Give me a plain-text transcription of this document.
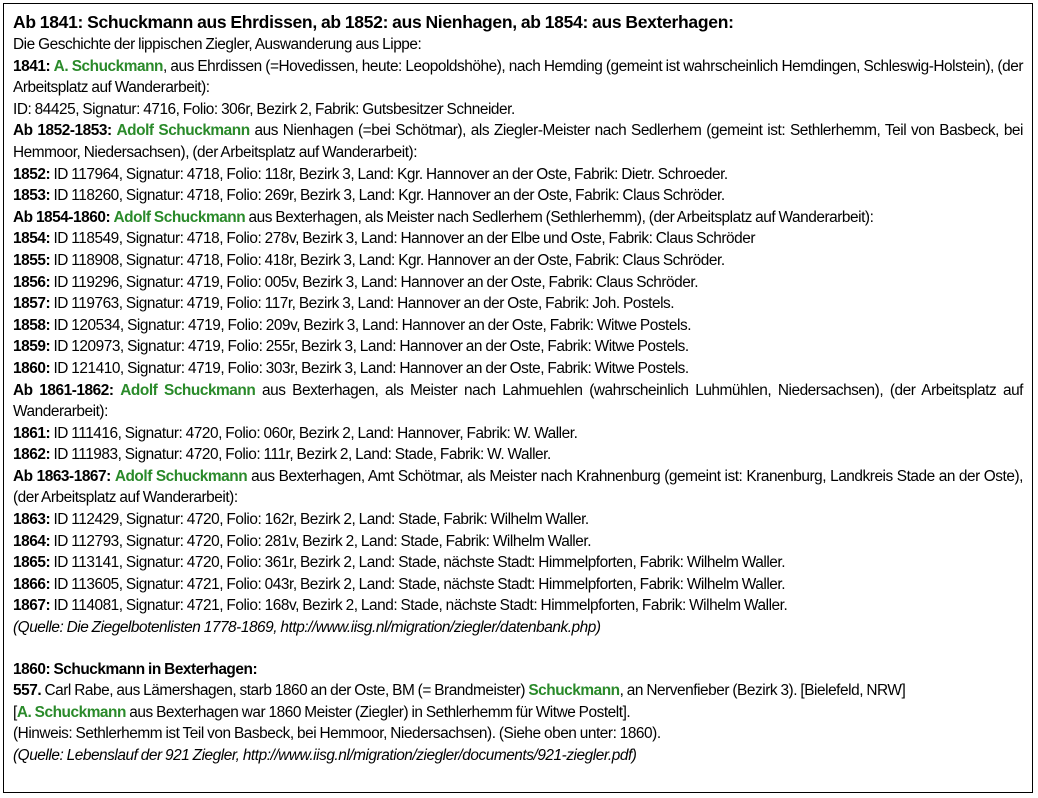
Ab 1841: Schuckmann aus Ehrdissen, ab 1852: aus Nienhagen, ab 1854: aus Bexterhagen:
Die Geschichte der lippischen Ziegler, Auswanderung aus Lippe:
1841: A. Schuckmann, aus Ehrdissen (=Hovedissen, heute: Leopoldshöhe), nach Hemding (gemeint ist wahrscheinlich Hemdingen, Schleswig-Holstein), (der Arbeitsplatz auf Wanderarbeit):
ID: 84425, Signatur: 4716, Folio: 306r, Bezirk 2, Fabrik: Gutsbesitzer Schneider.
Ab 1852-1853: Adolf Schuckmann aus Nienhagen (=bei Schötmar), als Ziegler-Meister nach Sedlerhem (gemeint ist: Sethlerhemm, Teil von Basbeck, bei Hemmoor, Niedersachsen), (der Arbeitsplatz auf Wanderarbeit):
1852: ID 117964, Signatur: 4718, Folio: 118r, Bezirk 3, Land: Kgr. Hannover an der Oste, Fabrik: Dietr. Schroeder.
1853: ID 118260, Signatur: 4718, Folio: 269r, Bezirk 3, Land: Kgr. Hannover an der Oste, Fabrik: Claus Schröder.
Ab 1854-1860: Adolf Schuckmann aus Bexterhagen, als Meister nach Sedlerhem (Sethlerhemm), (der Arbeitsplatz auf Wanderarbeit):
1854: ID 118549, Signatur: 4718, Folio: 278v, Bezirk 3, Land: Hannover an der Elbe und Oste, Fabrik: Claus Schröder
1855: ID 118908, Signatur: 4718, Folio: 418r, Bezirk 3, Land: Kgr. Hannover an der Oste, Fabrik: Claus Schröder.
1856: ID 119296, Signatur: 4719, Folio: 005v, Bezirk 3, Land: Hannover an der Oste, Fabrik: Claus Schröder.
1857: ID 119763, Signatur: 4719, Folio: 117r, Bezirk 3, Land: Hannover an der Oste, Fabrik: Joh. Postels.
1858: ID 120534, Signatur: 4719, Folio: 209v, Bezirk 3, Land: Hannover an der Oste, Fabrik: Witwe Postels.
1859: ID 120973, Signatur: 4719, Folio: 255r, Bezirk 3, Land: Hannover an der Oste, Fabrik: Witwe Postels.
1860: ID 121410, Signatur: 4719, Folio: 303r, Bezirk 3, Land: Hannover an der Oste, Fabrik: Witwe Postels.
Ab 1861-1862: Adolf Schuckmann aus Bexterhagen, als Meister nach Lahmuehlen (wahrscheinlich Luhmühlen, Niedersachsen), (der Arbeitsplatz auf Wanderarbeit):
1861: ID 111416, Signatur: 4720, Folio: 060r, Bezirk 2, Land: Hannover, Fabrik: W. Waller.
1862: ID 111983, Signatur: 4720, Folio: 111r, Bezirk 2, Land: Stade, Fabrik: W. Waller.
Ab 1863-1867: Adolf Schuckmann aus Bexterhagen, Amt Schötmar, als Meister nach Krahnenburg (gemeint ist: Kranenburg, Landkreis Stade an der Oste), (der Arbeitsplatz auf Wanderarbeit):
1863: ID 112429, Signatur: 4720, Folio: 162r, Bezirk 2, Land: Stade, Fabrik: Wilhelm Waller.
1864: ID 112793, Signatur: 4720, Folio: 281v, Bezirk 2, Land: Stade, Fabrik: Wilhelm Waller.
1865: ID 113141, Signatur: 4720, Folio: 361r, Bezirk 2, Land: Stade, nächste Stadt: Himmelpforten, Fabrik: Wilhelm Waller.
1866: ID 113605, Signatur: 4721, Folio: 043r, Bezirk 2, Land: Stade, nächste Stadt: Himmelpforten, Fabrik: Wilhelm Waller.
1867: ID 114081, Signatur: 4721, Folio: 168v, Bezirk 2, Land: Stade, nächste Stadt: Himmelpforten, Fabrik: Wilhelm Waller.
(Quelle: Die Ziegelbotenlisten 1778-1869, http://www.iisg.nl/migration/ziegler/datenbank.php)
1860: Schuckmann in Bexterhagen:
557. Carl Rabe, aus Lämershagen, starb 1860 an der Oste, BM (= Brandmeister) Schuckmann, an Nervenfieber (Bezirk 3). [Bielefeld, NRW]
[A. Schuckmann aus Bexterhagen war 1860 Meister (Ziegler) in Sethlerhemm für Witwe Postelt].
(Hinweis: Sethlerhemm ist Teil von Basbeck, bei Hemmoor, Niedersachsen). (Siehe oben unter: 1860).
(Quelle: Lebenslauf der 921 Ziegler, http://www.iisg.nl/migration/ziegler/documents/921-ziegler.pdf)
